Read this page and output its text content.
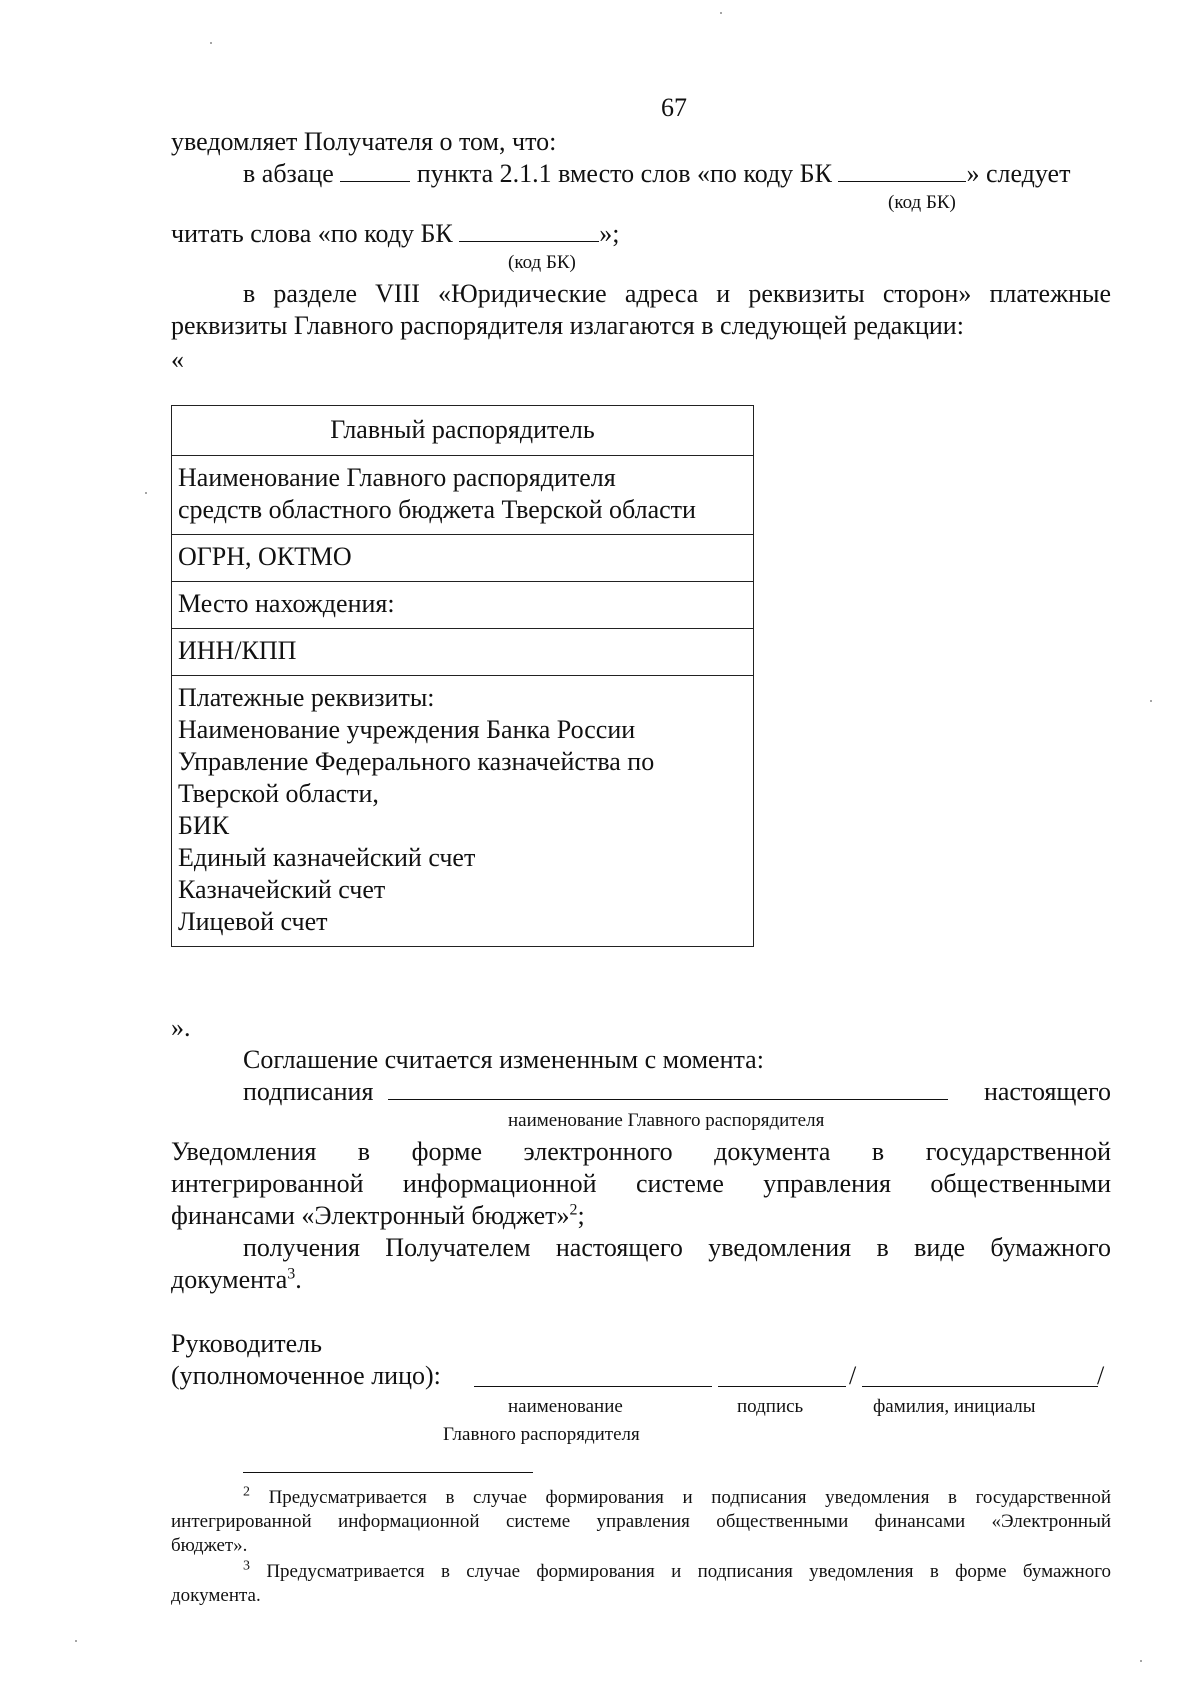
67
уведомляет Получателя о том, что:
в абзаце	пункта 2.1.1 вместо слов «по коду БК	» следует
(код БК)
читать слова «по коду БК	»;
(код БК)
в разделе VIII «Юридические адреса и реквизиты сторон» платежные
реквизиты Главного распорядителя излагаются в следующей редакции:
«
Главный распорядитель

Наименование Главного распорядителя
средств областного бюджета Тверской области

ОГРН, ОКТМО
Место нахождения:
ИНН/КПП

Платежные реквизиты:
Наименование учреждения Банка России
Управление Федерального казначейства по
Тверской области,
БИК
Единый казначейский счет
Казначейский счет
Лицевой счет
».
Соглашение считается измененным с момента:
подписания	настоящего
наименование Главного распорядителя
Уведомления в форме электронного документа в государственной
интегрированной информационной системе управления общественными
финансами «Электронный бюджет»$^2$;
получения Получателем настоящего уведомления в виде бумажного
документа$^3$.
Руководитель
(уполномоченное лицо):	/	/
наименование
Главного распорядителя
подпись	фамилия, инициалы
$^2$ Предусматривается в случае формирования и подписания уведомления в государственной
интегрированной информационной системе управления общественными финансами «Электронный
бюджет».
$^3$ Предусматривается в случае формирования и подписания уведомления в форме бумажного
документа.
